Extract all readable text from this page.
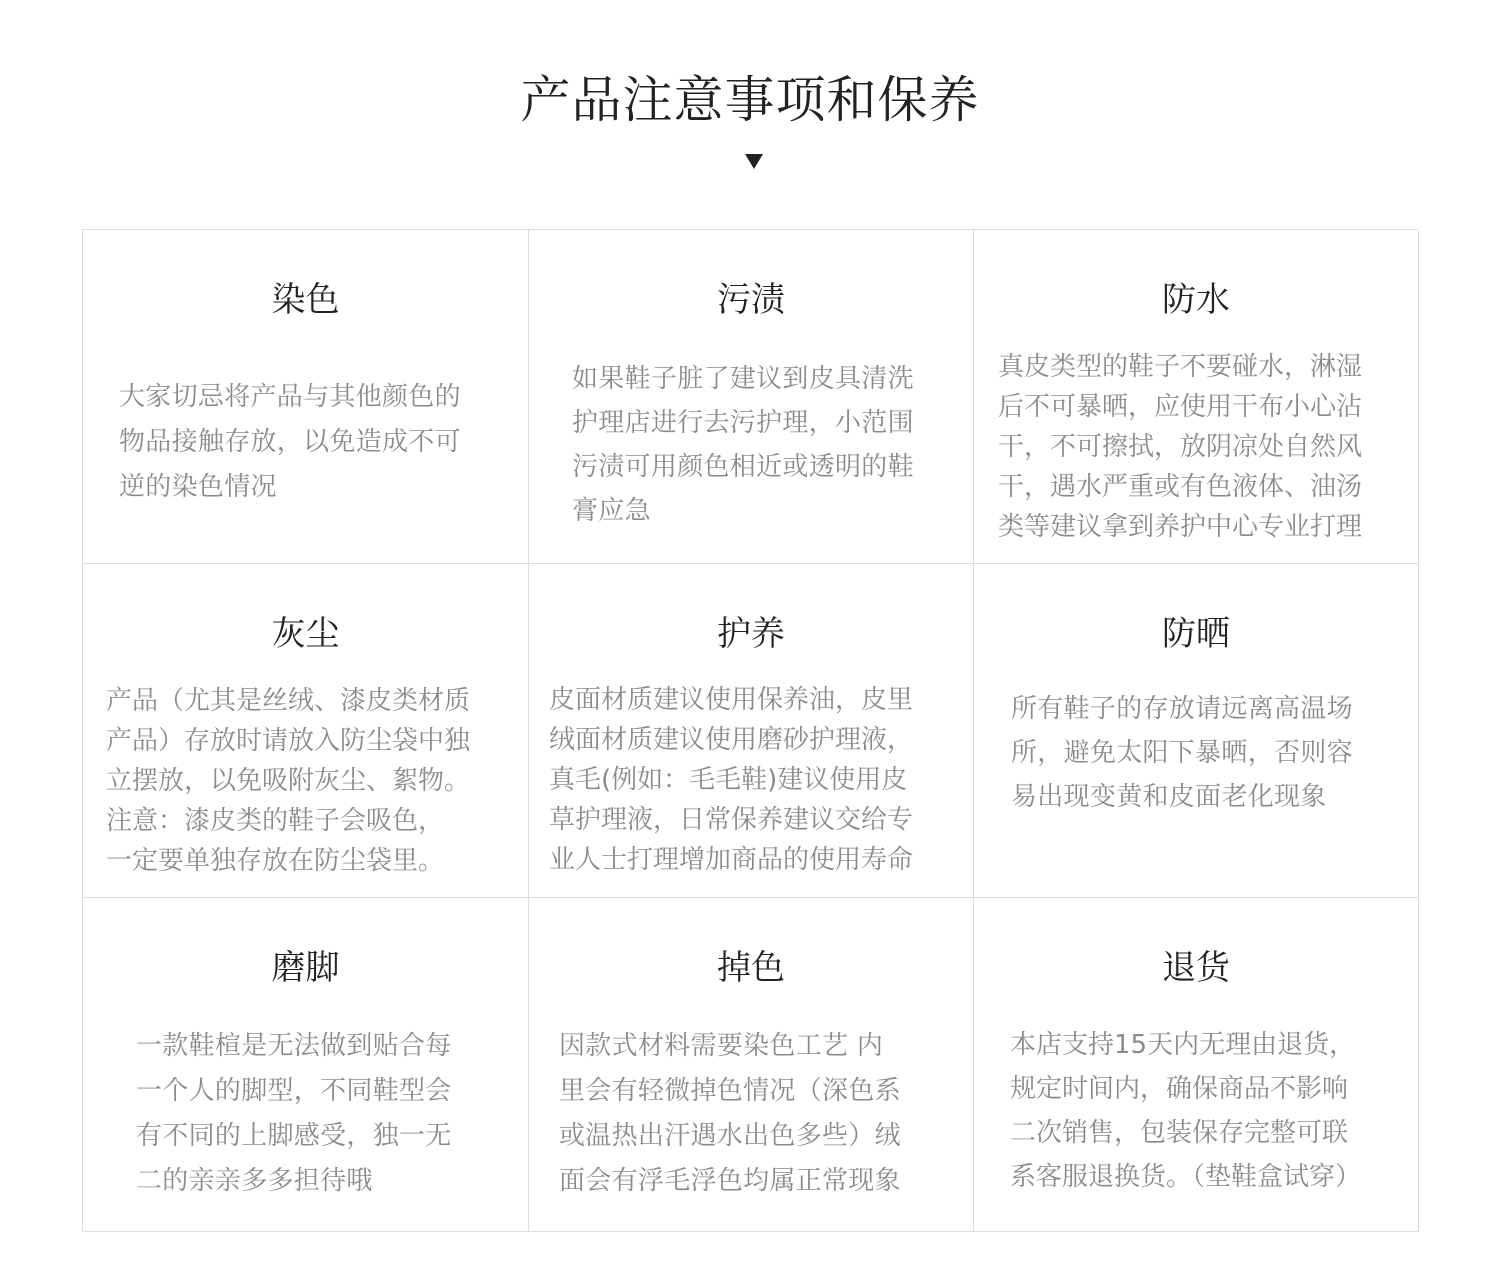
产品注意事项和保养
染色
大家切忌将产品与其他颜色的
物品接触存放，以免造成不可
逆的染色情况
污渍
如果鞋子脏了建议到皮具清洗
护理店进行去污护理，小范围
污渍可用颜色相近或透明的鞋
膏应急
防水
真皮类型的鞋子不要碰水，淋湿
后不可暴晒，应使用干布小心沾
干，不可擦拭，放阴凉处自然风
干，遇水严重或有色液体、油汤
类等建议拿到养护中心专业打理
灰尘
产品（尤其是丝绒、漆皮类材质
产品）存放时请放入防尘袋中独
立摆放，以免吸附灰尘、絮物。
注意：漆皮类的鞋子会吸色，
一定要单独存放在防尘袋里。
护养
皮面材质建议使用保养油，皮里
绒面材质建议使用磨砂护理液，
真毛(例如：毛毛鞋)建议使用皮
草护理液，日常保养建议交给专
业人士打理增加商品的使用寿命
防晒
所有鞋子的存放请远离高温场
所，避免太阳下暴晒，否则容
易出现变黄和皮面老化现象
磨脚
一款鞋楦是无法做到贴合每
一个人的脚型，不同鞋型会
有不同的上脚感受，独一无
二的亲亲多多担待哦
掉色
因款式材料需要染色工艺 内
里会有轻微掉色情况（深色系
或温热出汗遇水出色多些）绒
面会有浮毛浮色均属正常现象
退货
本店支持15天内无理由退货，
规定时间内，确保商品不影响
二次销售，包装保存完整可联
系客服退换货。（垫鞋盒试穿）
